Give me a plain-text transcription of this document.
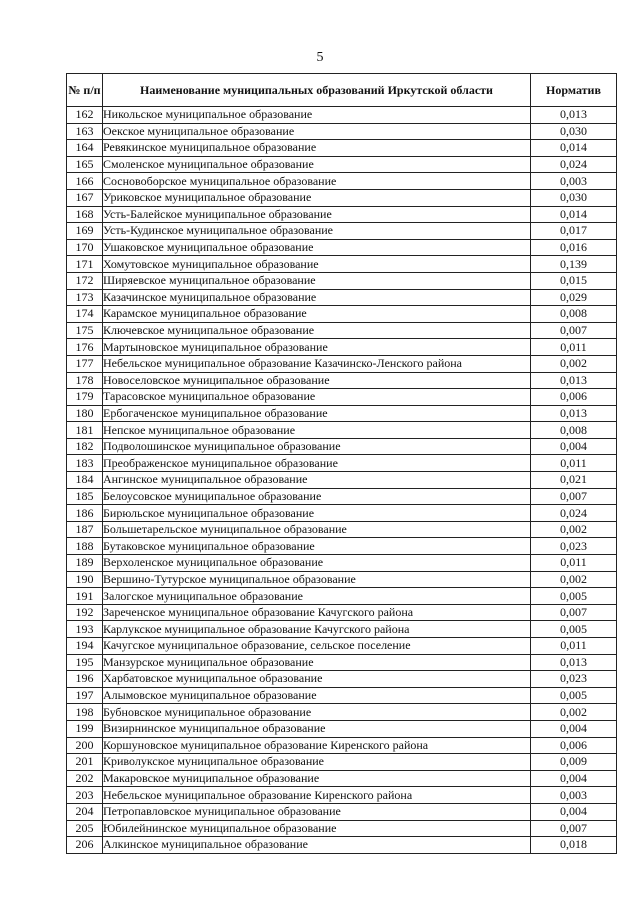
5
№ п/п	Наименование муниципальных образований Иркутской области	Норматив
162	Никольское муниципальное образование	0,013
163	Оекское муниципальное образование	0,030
164	Ревякинское муниципальное образование	0,014
165	Смоленское муниципальное образование	0,024
166	Сосновоборское муниципальное образование	0,003
167	Уриковское муниципальное образование	0,030
168	Усть-Балейское муниципальное образование	0,014
169	Усть-Кудинское муниципальное образование	0,017
170	Ушаковское муниципальное образование	0,016
171	Хомутовское муниципальное образование	0,139
172	Ширяевское муниципальное образование	0,015
173	Казачинское муниципальное образование	0,029
174	Карамское муниципальное образование	0,008
175	Ключевское муниципальное образование	0,007
176	Мартыновское муниципальное образование	0,011
177	Небельское муниципальное образование Казачинско-Ленского района	0,002
178	Новоселовское муниципальное образование	0,013
179	Тарасовское муниципальное образование	0,006
180	Ербогаченское муниципальное образование	0,013
181	Непское муниципальное образование	0,008
182	Подволошинское муниципальное образование	0,004
183	Преображенское муниципальное образование	0,011
184	Ангинское муниципальное образование	0,021
185	Белоусовское муниципальное образование	0,007
186	Бирюльское муниципальное образование	0,024
187	Большетарельское муниципальное образование	0,002
188	Бутаковское муниципальное образование	0,023
189	Верхоленское муниципальное образование	0,011
190	Вершино-Тутурское муниципальное образование	0,002
191	Залогское муниципальное образование	0,005
192	Зареченское муниципальное образование Качугского района	0,007
193	Карлукское муниципальное образование Качугского района	0,005
194	Качугское муниципальное образование, сельское поселение	0,011
195	Манзурское муниципальное образование	0,013
196	Харбатовское муниципальное образование	0,023
197	Алымовское муниципальное образование	0,005
198	Бубновское муниципальное образование	0,002
199	Визирнинское муниципальное образование	0,004
200	Коршуновское муниципальное образование Киренского района	0,006
201	Криволукское муниципальное образование	0,009
202	Макаровское муниципальное образование	0,004
203	Небельское муниципальное образование Киренского района	0,003
204	Петропавловское муниципальное образование	0,004
205	Юбилейнинское муниципальное образование	0,007
206	Алкинское муниципальное образование	0,018
